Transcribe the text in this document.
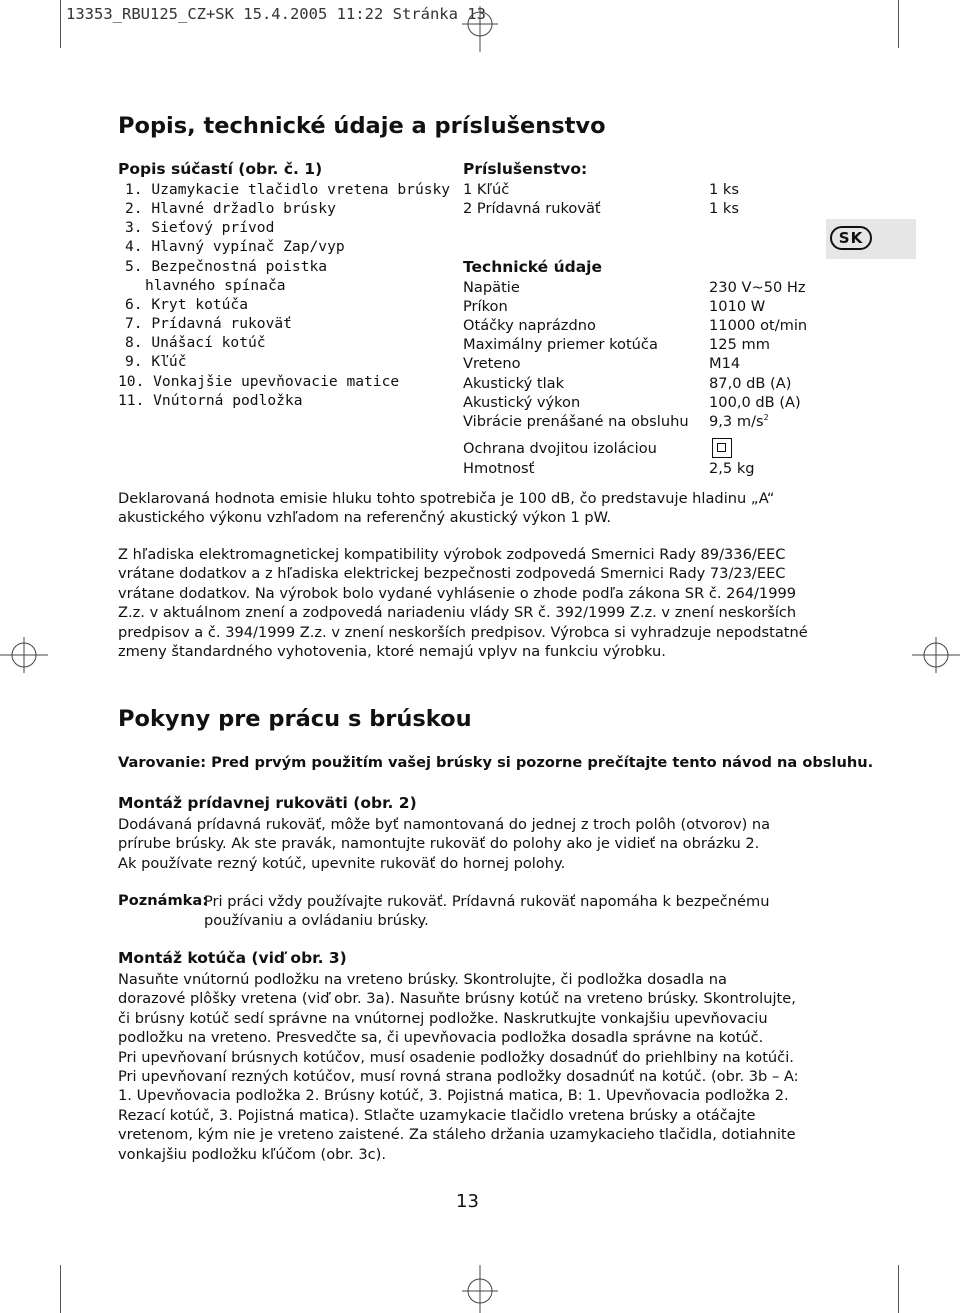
13353_RBU125_CZ+SK 15.4.2005 11:22 Stránka 13
Popis, technické údaje a príslušenstvo
Popis súčastí (obr. č. 1)
1. Uzamykacie tlačidlo vretena brúsky
2. Hlavné držadlo brúsky
3. Sieťový prívod
4. Hlavný vypínač Zap/vyp
5. Bezpečnostná poistka
hlavného spínača
6. Kryt kotúča
7. Prídavná rukoväť
8. Unášací kotúč
9. Kľúč
10. Vonkajšie upevňovacie matice
11. Vnútorná podložka
Príslušenstvo:
1 Kľúč	1 ks
2 Prídavná rukoväť	1 ks
Technické údaje
Napätie	230 V~50 Hz
Príkon	1010 W
Otáčky naprázdno	11000 ot/min
Maximálny priemer kotúča	125 mm
Vreteno	M14
Akustický tlak	87,0 dB (A)
Akustický výkon	100,0 dB (A)
Vibrácie prenášané na obsluhu 9,3 $m/s^2$
Ochrana dvojitou izoláciou
Hmotnosť	2,5 kg
SK
Deklarovaná hodnota emisie hluku tohto spotrebiča je 100 dB, čo predstavuje hladinu „A“
akustického výkonu vzhľadom na referenčný akustický výkon 1 pW.
Z hľadiska elektromagnetickej kompatibility výrobok zodpovedá Smernici Rady 89/336/EEC
vrátane dodatkov a z hľadiska elektrickej bezpečnosti zodpovedá Smernici Rady 73/23/EEC
vrátane dodatkov. Na výrobok bolo vydané vyhlásenie o zhode podľa zákona SR č. 264/1999
Z.z. v aktuálnom znení a zodpovedá nariadeniu vlády SR č. 392/1999 Z.z. v znení neskorších
predpisov a č. 394/1999 Z.z. v znení neskorších predpisov. Výrobca si vyhradzuje nepodstatné
zmeny štandardného vyhotovenia, ktoré nemajú vplyv na funkciu výrobku.
Pokyny pre prácu s brúskou
Varovanie: Pred prvým použitím vašej brúsky si pozorne prečítajte tento návod na obsluhu.
Montáž prídavnej rukoväti (obr. 2)
Dodávaná prídavná rukoväť, môže byť namontovaná do jednej z troch polôh (otvorov) na
prírube brúsky. Ak ste pravák, namontujte rukoväť do polohy ako je vidieť na obrázku 2.
Ak používate rezný kotúč, upevnite rukoväť do hornej polohy.
Poznámka:
Pri práci vždy používajte rukoväť. Prídavná rukoväť napomáha k bezpečnému
používaniu a ovládaniu brúsky.
Montáž kotúča (viď obr. 3)
Nasuňte vnútornú podložku na vreteno brúsky. Skontrolujte, či podložka dosadla na
dorazové plôšky vretena (viď obr. 3a). Nasuňte brúsny kotúč na vreteno brúsky. Skontrolujte,
či brúsny kotúč sedí správne na vnútornej podložke. Naskrutkujte vonkajšiu upevňovaciu
podložku na vreteno. Presvedčte sa, či upevňovacia podložka dosadla správne na kotúč.
Pri upevňovaní brúsnych kotúčov, musí osadenie podložky dosadnúť do priehlbiny na kotúči.
Pri upevňovaní rezných kotúčov, musí rovná strana podložky dosadnúť na kotúč. (obr. 3b – A:
1. Upevňovacia podložka 2. Brúsny kotúč, 3. Pojistná matica, B: 1. Upevňovacia podložka 2.
Rezací kotúč, 3. Pojistná matica). Stlačte uzamykacie tlačidlo vretena brúsky a otáčajte
vretenom, kým nie je vreteno zaistené. Za stáleho držania uzamykacieho tlačidla, dotiahnite
vonkajšiu podložku kľúčom (obr. 3c).
13
